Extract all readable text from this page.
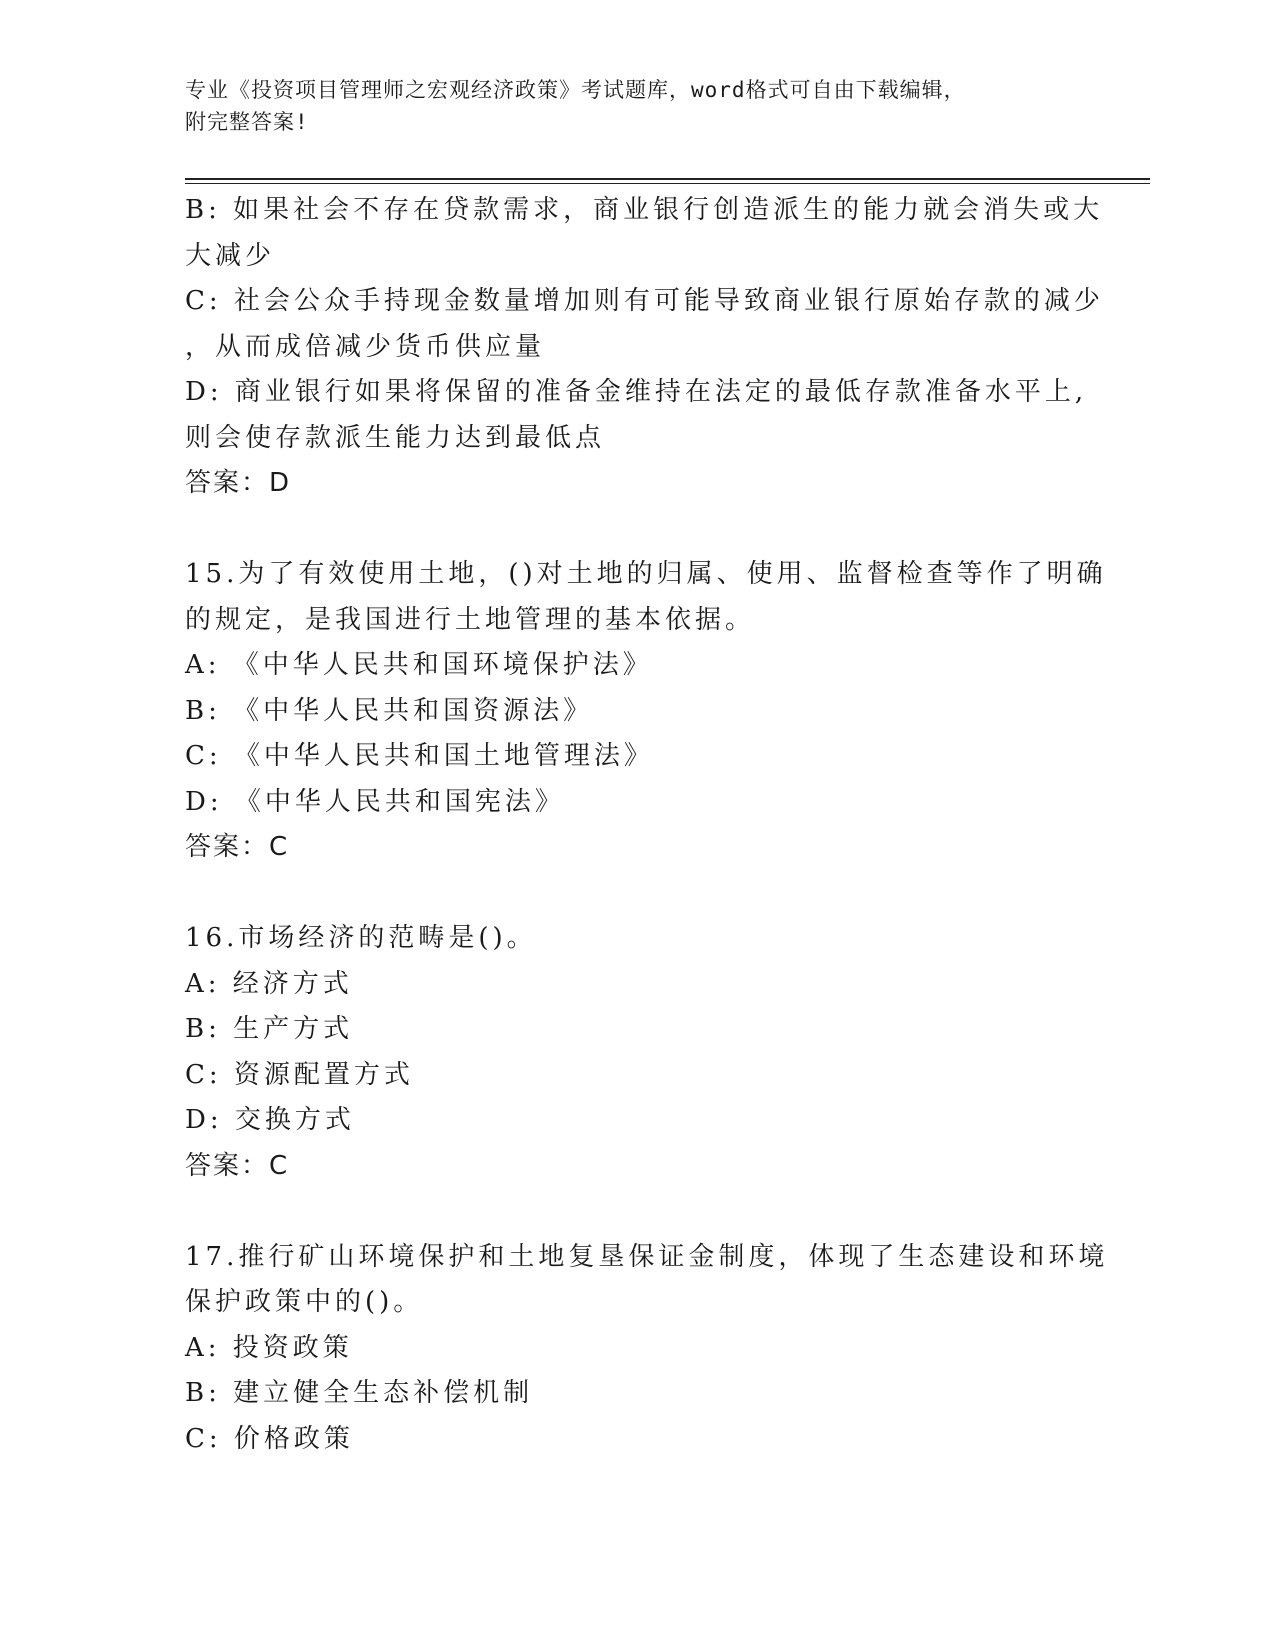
专业《投资项目管理师之宏观经济政策》考试题库，word格式可自由下载编辑，
附完整答案!
B: 如果社会不存在贷款需求，商业银行创造派生的能力就会消失或大
大减少
C: 社会公众手持现金数量增加则有可能导致商业银行原始存款的减少
，从而成倍减少货币供应量
D: 商业银行如果将保留的准备金维持在法定的最低存款准备水平上,
则会使存款派生能力达到最低点
答案：D
15.为了有效使用土地，()对土地的归属、使用、监督检查等作了明确
的规定，是我国进行土地管理的基本依据。
A: 《中华人民共和国环境保护法》
B: 《中华人民共和国资源法》
C: 《中华人民共和国土地管理法》
D: 《中华人民共和国宪法》
答案：C
16.市场经济的范畴是()。
A: 经济方式
B: 生产方式
C: 资源配置方式
D: 交换方式
答案：C
17.推行矿山环境保护和土地复垦保证金制度，体现了生态建设和环境
保护政策中的()。
A: 投资政策
B: 建立健全生态补偿机制
C: 价格政策
